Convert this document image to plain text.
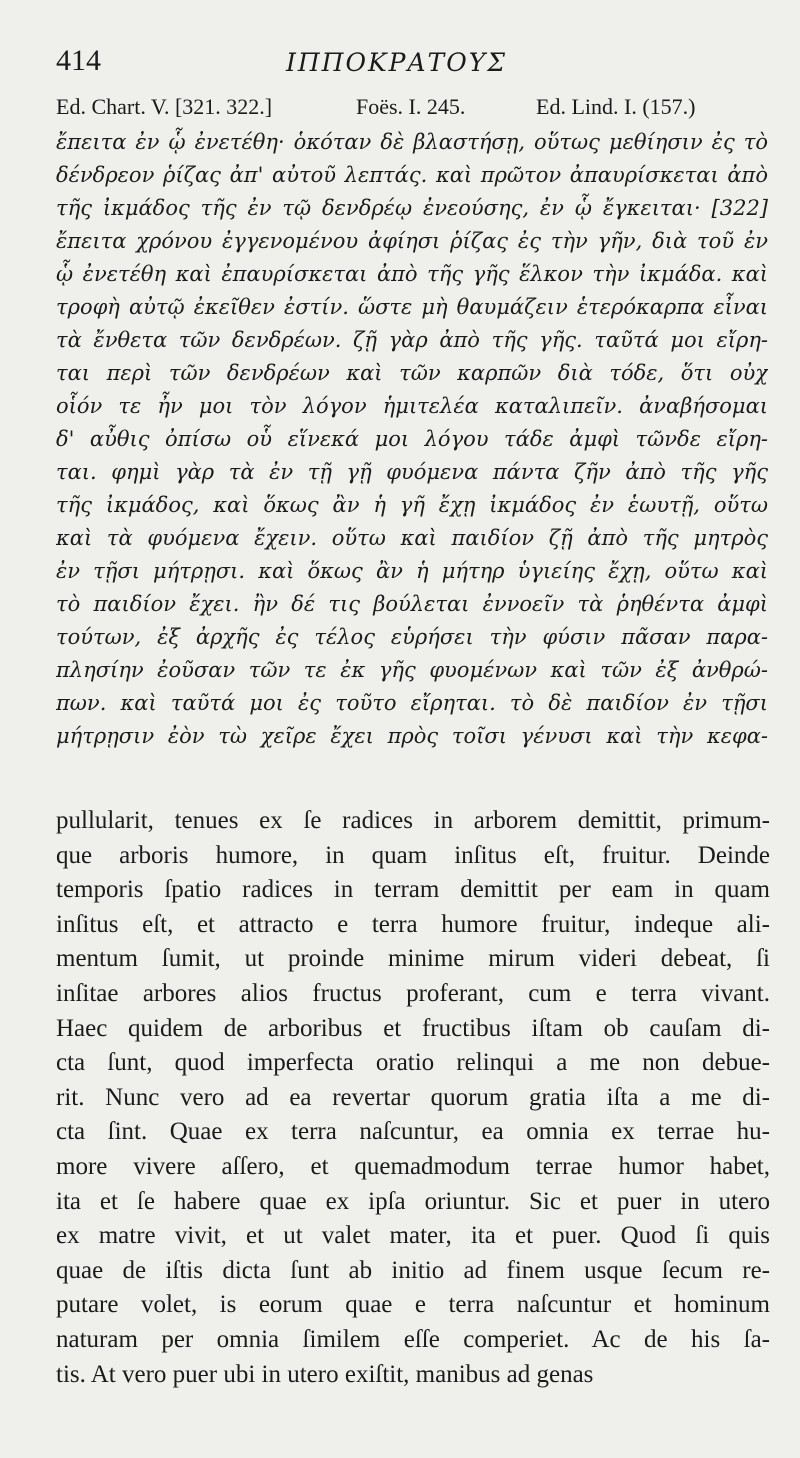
414	ΙΠΠΟΚΡΑΤΟΥΣ
Ed. Chart. V. [321. 322.]	Foës. I. 245.	Ed. Lind. I. (157.)
ἔπειτα ἐν ᾧ ἐνετέθη· ὁκόταν δὲ βλαστήσῃ, οὕτως μεθίησιν ἐς τὸ
δένδρεον ῥίζας ἀπ' αὐτοῦ λεπτάς. καὶ πρῶτον ἀπαυρίσκεται ἀπὸ
τῆς ἰκμάδος τῆς ἐν τῷ δενδρέῳ ἐνεούσης, ἐν ᾧ ἔγκειται· [322]
ἔπειτα χρόνου ἐγγενομένου ἀφίησι ῥίζας ἐς τὴν γῆν, διὰ τοῦ ἐν
ᾧ ἐνετέθη καὶ ἐπαυρίσκεται ἀπὸ τῆς γῆς ἕλκον τὴν ἰκμάδα. καὶ
τροφὴ αὐτῷ ἐκεῖθεν ἐστίν. ὥστε μὴ θαυμάζειν ἑτερόκαρπα εἶναι
τὰ ἔνθετα τῶν δενδρέων. ζῇ γὰρ ἀπὸ τῆς γῆς. ταῦτά μοι εἴρη-
ται περὶ τῶν δενδρέων καὶ τῶν καρπῶν διὰ τόδε, ὅτι οὐχ
οἷόν τε ἦν μοι τὸν λόγον ἡμιτελέα καταλιπεῖν. ἀναβήσομαι
δ' αὖθις ὀπίσω οὗ εἵνεκά μοι λόγου τάδε ἀμφὶ τῶνδε εἴρη-
ται. φημὶ γὰρ τὰ ἐν τῇ γῇ φυόμενα πάντα ζῆν ἀπὸ τῆς γῆς
τῆς ἰκμάδος, καὶ ὅκως ἂν ἡ γῆ ἔχῃ ἰκμάδος ἐν ἑωυτῇ, οὕτω
καὶ τὰ φυόμενα ἔχειν. οὕτω καὶ παιδίον ζῇ ἀπὸ τῆς μητρὸς
ἐν τῇσι μήτρῃσι. καὶ ὅκως ἂν ἡ μήτηρ ὑγιείης ἔχῃ, οὕτω καὶ
τὸ παιδίον ἔχει. ἢν δέ τις βούλεται ἐννοεῖν τὰ ῥηθέντα ἀμφὶ
τούτων, ἐξ ἀρχῆς ἐς τέλος εὑρήσει τὴν φύσιν πᾶσαν παρα-
πλησίην ἐοῦσαν τῶν τε ἐκ γῆς φυομένων καὶ τῶν ἐξ ἀνθρώ-
πων. καὶ ταῦτά μοι ἐς τοῦτο εἴρηται. τὸ δὲ παιδίον ἐν τῇσι
μήτρῃσιν ἐὸν τὼ χεῖρε ἔχει πρὸς τοῖσι γένυσι καὶ τὴν κεφα-
pullularit, tenues ex ſe radices in arborem demittit, primum-
que arboris humore, in quam inſitus eſt, fruitur. Deinde
temporis ſpatio radices in terram demittit per eam in quam
inſitus eſt, et attracto e terra humore fruitur, indeque ali-
mentum ſumit, ut proinde minime mirum videri debeat, ſi
inſitae arbores alios fructus proferant, cum e terra vivant.
Haec quidem de arboribus et fructibus iſtam ob cauſam di-
cta ſunt, quod imperfecta oratio relinqui a me non debue-
rit. Nunc vero ad ea revertar quorum gratia iſta a me di-
cta ſint. Quae ex terra naſcuntur, ea omnia ex terrae hu-
more vivere aſſero, et quemadmodum terrae humor habet,
ita et ſe habere quae ex ipſa oriuntur. Sic et puer in utero
ex matre vivit, et ut valet mater, ita et puer. Quod ſi quis
quae de iſtis dicta ſunt ab initio ad finem usque ſecum re-
putare volet, is eorum quae e terra naſcuntur et hominum
naturam per omnia ſimilem eſſe comperiet. Ac de his ſa-
tis. At vero puer ubi in utero exiſtit, manibus ad genas
